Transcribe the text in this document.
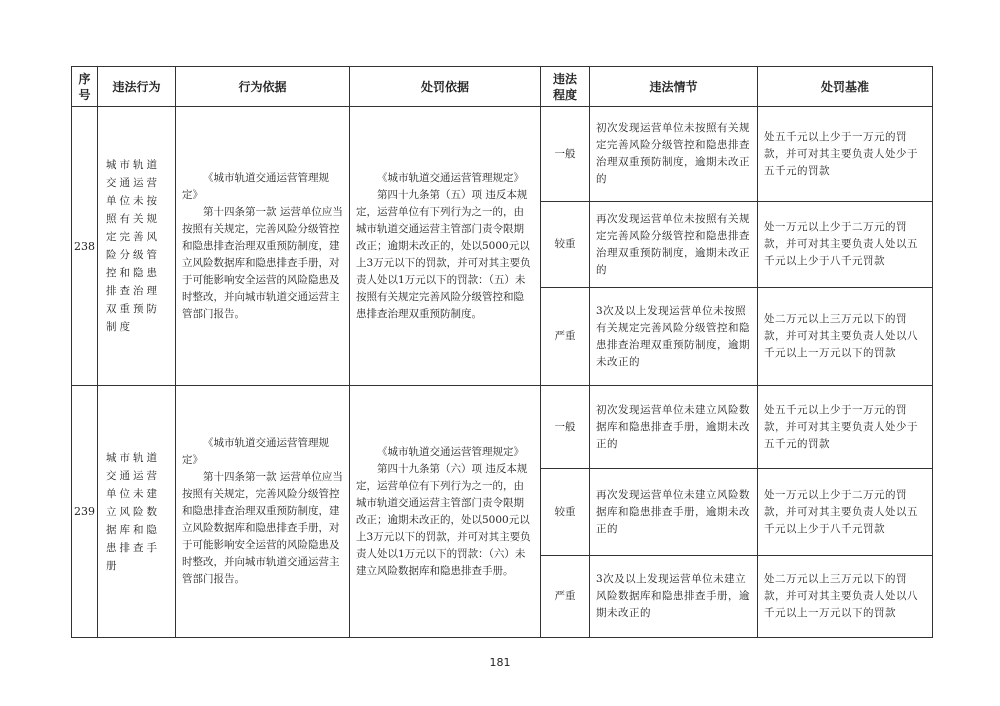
序号	违法行为	行为依据	处罚依据	违法程度	违法情节	处罚基准
238	城市轨道交通运营单位未按照有关规定完善风险分级管控和隐患排查治理双重预防制度	《城市轨道交通运营管理规定》
第十四条第一款 运营单位应当按照有关规定，完善风险分级管控和隐患排查治理双重预防制度，建立风险数据库和隐患排查手册，对于可能影响安全运营的风险隐患及时整改，并向城市轨道交通运营主管部门报告。	《城市轨道交通运营管理规定》
第四十九条第（五）项 违反本规定，运营单位有下列行为之一的，由城市轨道交通运营主管部门责令限期改正；逾期未改正的，处以5000元以上3万元以下的罚款，并可对其主要负责人处以1万元以下的罚款：（五）未按照有关规定完善风险分级管控和隐患排查治理双重预防制度。	一般	初次发现运营单位未按照有关规定完善风险分级管控和隐患排查治理双重预防制度，逾期未改正的	处五千元以上少于一万元的罚款，并可对其主要负责人处少于五千元的罚款
				较重	再次发现运营单位未按照有关规定完善风险分级管控和隐患排查治理双重预防制度，逾期未改正的	处一万元以上少于二万元的罚款，并可对其主要负责人处以五千元以上少于八千元罚款
				严重	3次及以上发现运营单位未按照有关规定完善风险分级管控和隐患排查治理双重预防制度，逾期未改正的	处二万元以上三万元以下的罚款，并可对其主要负责人处以八千元以上一万元以下的罚款
239	城市轨道交通运营单位未建立风险数据库和隐患排查手册	《城市轨道交通运营管理规定》
第十四条第一款 运营单位应当按照有关规定，完善风险分级管控和隐患排查治理双重预防制度，建立风险数据库和隐患排查手册，对于可能影响安全运营的风险隐患及时整改，并向城市轨道交通运营主管部门报告。	《城市轨道交通运营管理规定》
第四十九条第（六）项 违反本规定，运营单位有下列行为之一的，由城市轨道交通运营主管部门责令限期改正；逾期未改正的，处以5000元以上3万元以下的罚款，并可对其主要负责人处以1万元以下的罚款：（六）未建立风险数据库和隐患排查手册。	一般	初次发现运营单位未建立风险数据库和隐患排查手册，逾期未改正的	处五千元以上少于一万元的罚款，并可对其主要负责人处少于五千元的罚款
				较重	再次发现运营单位未建立风险数据库和隐患排查手册，逾期未改正的	处一万元以上少于二万元的罚款，并可对其主要负责人处以五千元以上少于八千元罚款
				严重	3次及以上发现运营单位未建立风险数据库和隐患排查手册，逾期未改正的	处二万元以上三万元以下的罚款，并可对其主要负责人处以八千元以上一万元以下的罚款
181
